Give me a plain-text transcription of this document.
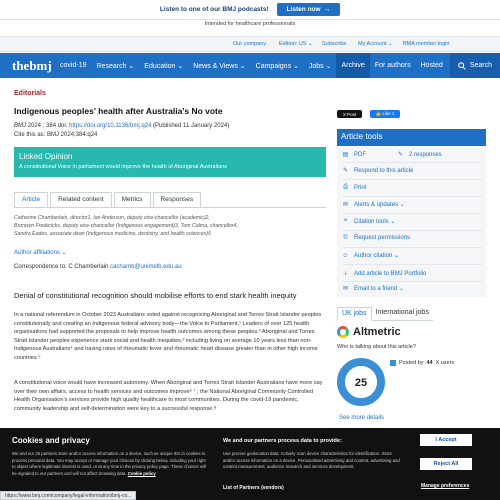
Listen to one of our BMJ podcasts!	Listen now →
Intended for healthcare professionals
Our company Edition: US ⌄ Subscribe My Account ⌄ BMA member login
thebmj	covid-19	Research ⌄	Education ⌄	News & Views ⌄	Campaigns ⌄	Jobs ⌄	Archive	For authors	Hosted	Search
Editorials
Indigenous peoples’ health after Australia’s No vote
BMJ 2024 ; 384 doi: https://doi.org/10.1136/bmj.q24 (Published 11 January 2024)
Cite this as: BMJ 2024;384:q24
Linked Opinion
A constitutional Voice in parliament would improve the health of Aboriginal Australians
Article	Related content	Metrics	Responses
Catherine Chamberlain, director1, Ian Anderson, deputy vice-chancellor (academic)2,
Bronwyn Fredericks, deputy vice-chancellor (Indigenous engagement)3, Tom Calma, chancellor4,
Sandra Eades, associate dean (Indigenous medicine, dentistry, and health sciences)5
Author affiliations ⌄
Correspondence to: C Chamberlain cachamb@unimelb.edu.au
Denial of constitutional recognition should mobilise efforts to end stark health inequity
In a national referendum in October 2023 Australians voted against recognising Aboriginal and Torres Strait Islander peoples constitutionally and creating an Indigenous federal advisory body—the Voice to Parliament.¹ Leaders of over 125 health organisations had supported the proposals to help improve health outcomes among these peoples.² Aboriginal and Torres Strait Islander peoples experience stark social and health inequities,³ including living on average 10 years less than non-Indigenous Australians⁴ and having rates of rheumatic fever and rheumatic heart disease greater than in other high income countries.⁵
A constitutional voice would have increased autonomy. When Aboriginal and Torres Strait Islander Australians have more say over their own affairs, access to health services and outcomes improve⁶ ⁷ ; the National Aboriginal Community Controlled Health Organisation’s services provide high quality healthcare to most communities. During the covid-19 pandemic, community leadership and self-determination were key to a successful response.⁸
X Post	👍 Like 1
Article tools
▤ PDF	✎ 2 responses
✎ Respond to this article
⎙ Print
✉ Alerts & updates ⌄
❝	Citation tools ⌄
© Request permissions
☺ Author citation ⌄
＋ Add article to BMJ Portfolio
✉ Email to a friend ⌄
UK jobs	International jobs
Altmetric
Who is talking about this article?
25
Posted by 44 X users
See more details
Cookies and privacy
We and our 25 partners store and/or access information on a device, such as unique IDs in cookies to process personal data. You may accept or manage your choices by clicking below, including your right to object where legitimate interest is used, or at any time in the privacy policy page. These choices will be signaled to our partners and will not affect browsing data. Cookie policy
We and our partners process data to provide:
Use precise geolocation data. Actively scan device characteristics for identification. Store and/or access information on a device. Personalised advertising and content, advertising and content measurement, audience research and services development.
List of Partners (vendors)
I Accept
Reject All
Manage preferences
https://www.bmj.com/company/legal-information/bmj-co...
